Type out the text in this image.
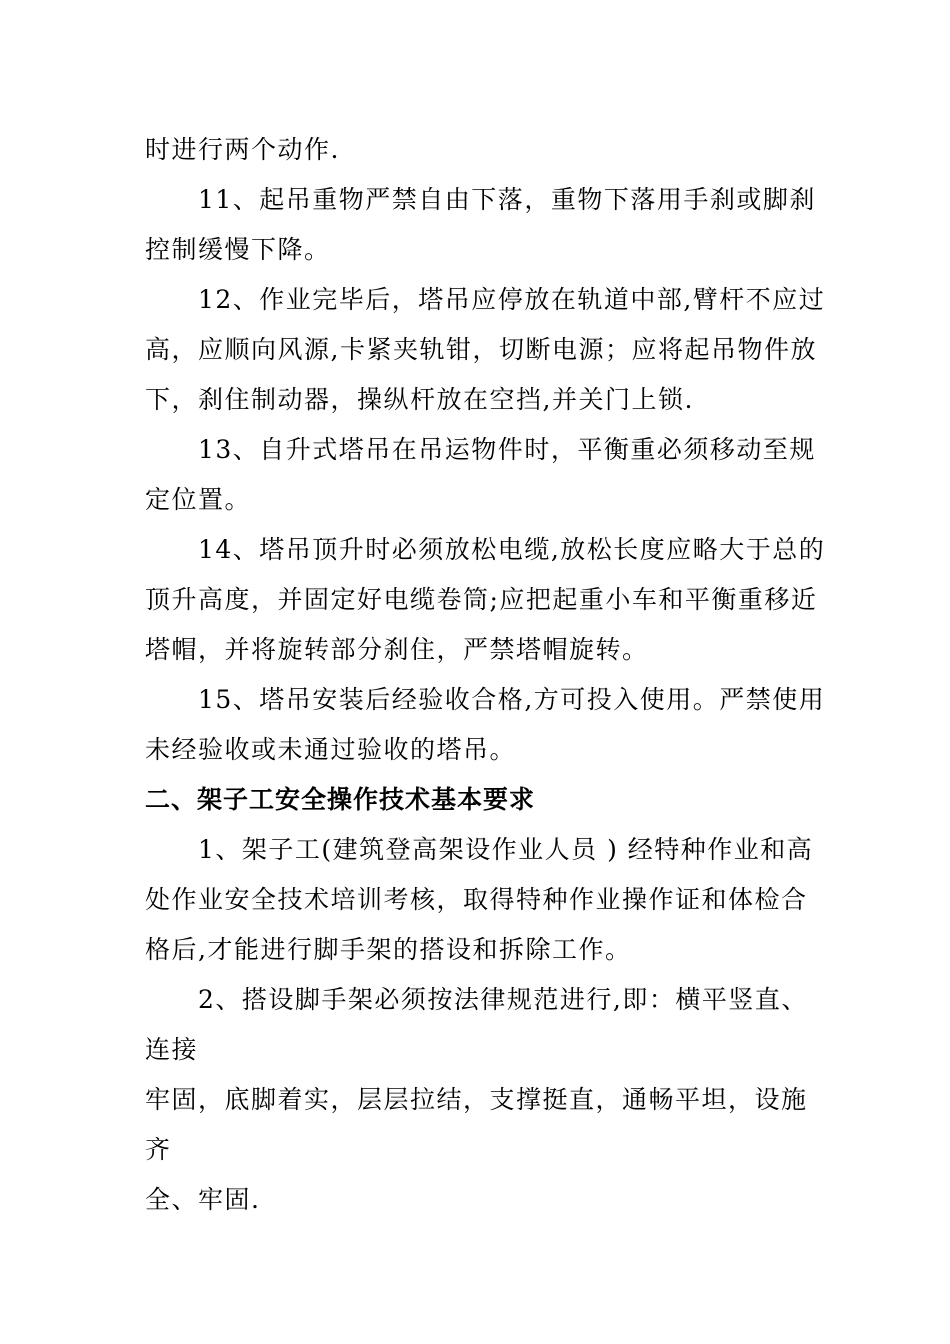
时进行两个动作.
11、起吊重物严禁自由下落，重物下落用手刹或脚刹
控制缓慢下降。
12、作业完毕后，塔吊应停放在轨道中部,臂杆不应过
高，应顺向风源,卡紧夹轨钳，切断电源；应将起吊物件放
下，刹住制动器，操纵杆放在空挡,并关门上锁.
13、自升式塔吊在吊运物件时，平衡重必须移动至规
定位置。
14、塔吊顶升时必须放松电缆,放松长度应略大于总的
顶升高度，并固定好电缆卷筒;应把起重小车和平衡重移近
塔帽，并将旋转部分刹住，严禁塔帽旋转。
15、塔吊安装后经验收合格,方可投入使用。严禁使用
未经验收或未通过验收的塔吊。
二、架子工安全操作技术基本要求
1、架子工(建筑登高架设作业人员 ) 经特种作业和高
处作业安全技术培训考核，取得特种作业操作证和体检合
格后,才能进行脚手架的搭设和拆除工作。
2、搭设脚手架必须按法律规范进行,即：横平竖直、
连接
牢固，底脚着实，层层拉结，支撑挺直，通畅平坦，设施
齐
全、牢固.
